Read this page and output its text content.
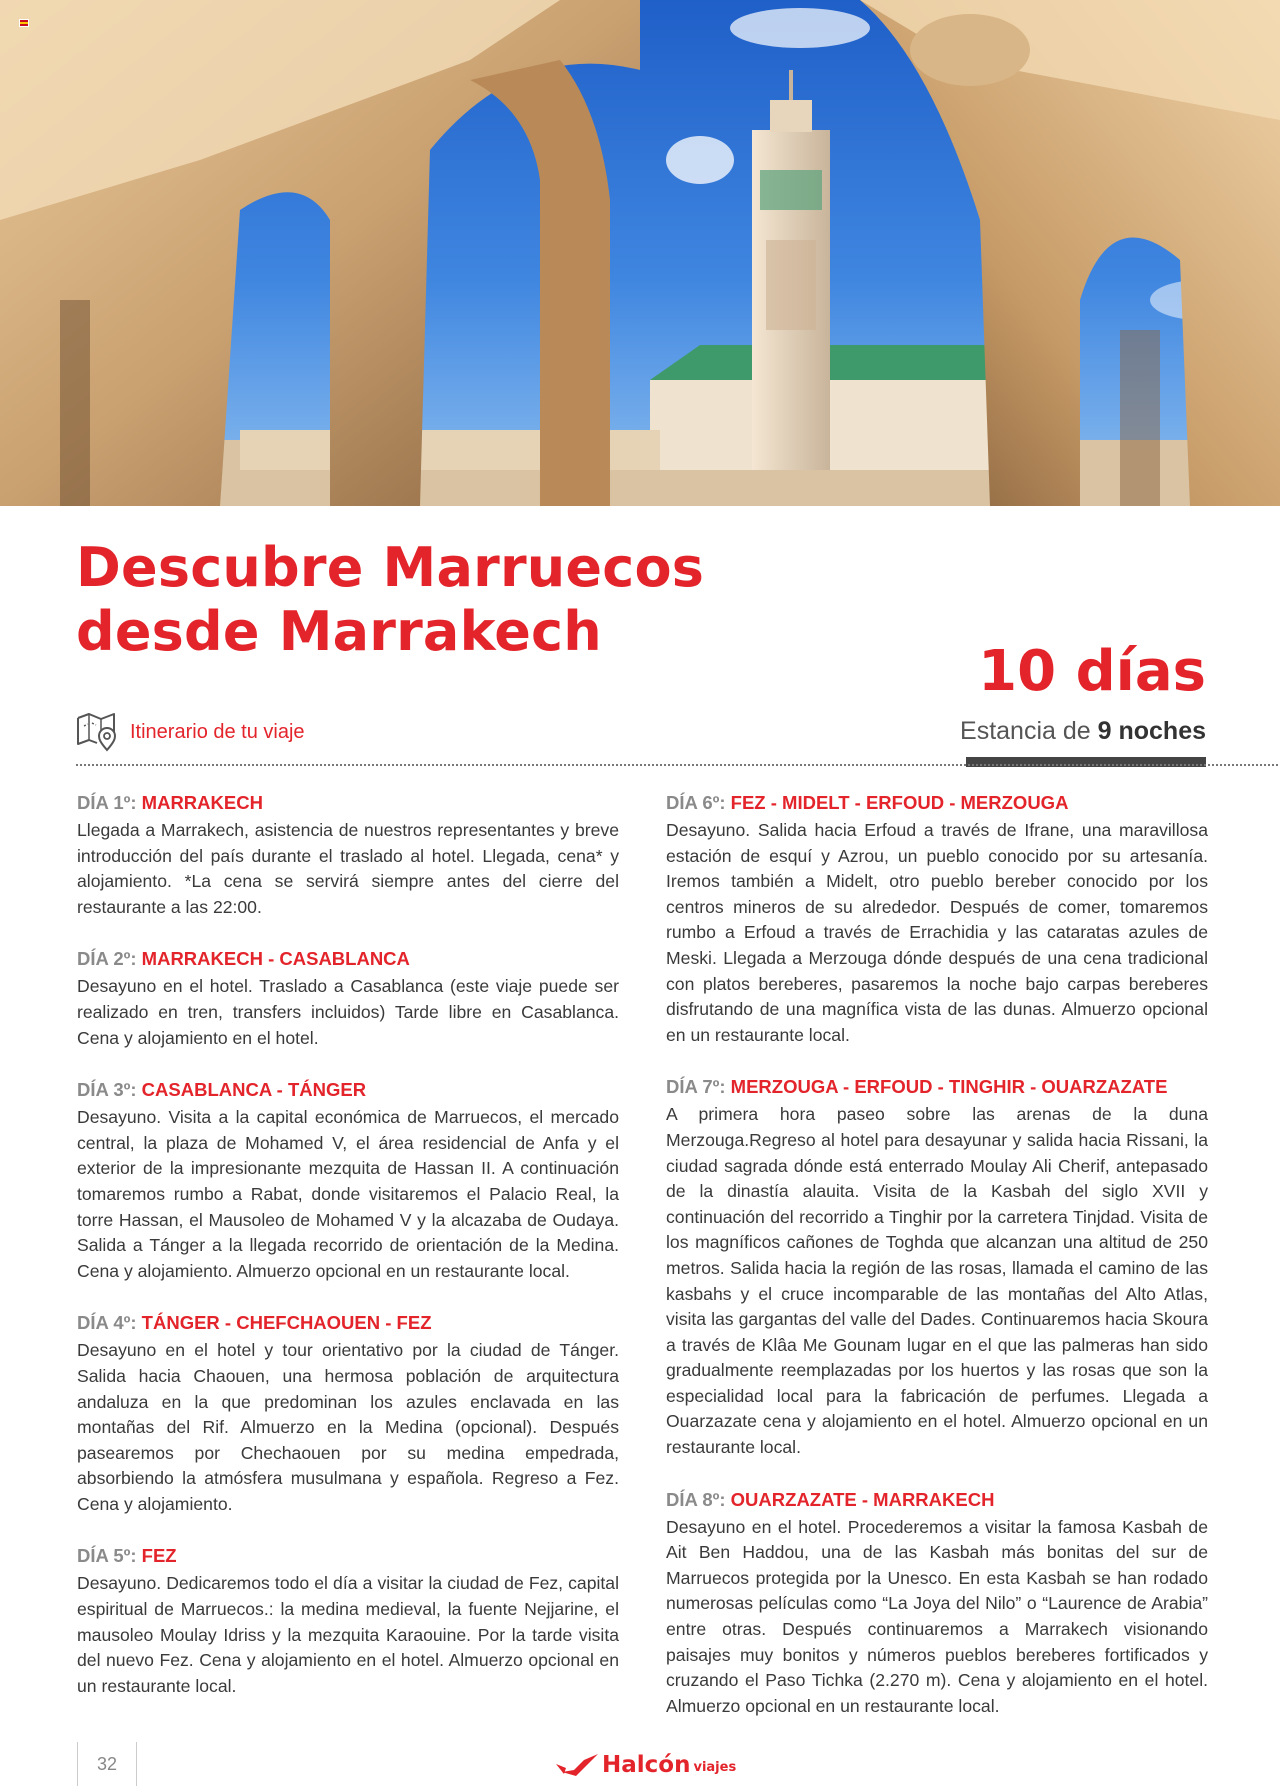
Descubre Marruecos
desde Marrakech
10 días
Estancia de 9 noches
Itinerario de tu viaje
DÍA 1º: MARRAKECH

Llegada a Marrakech, asistencia de nuestros representantes y breve introducción del país durante el traslado al hotel. Llegada, cena* y alojamiento. *La cena se servirá siempre antes del cierre del restaurante a las 22:00.

DÍA 2º: MARRAKECH - CASABLANCA

Desayuno en el hotel. Traslado a Casablanca (este viaje puede ser realizado en tren, transfers incluidos) Tarde libre en Casablanca. Cena y alojamiento en el hotel.

DÍA 3º: CASABLANCA - TÁNGER

Desayuno. Visita a la capital económica de Marruecos, el mercado central, la plaza de Mohamed V, el área residencial de Anfa y el exterior de la impresionante mezquita de Hassan II. A continuación tomaremos rumbo a Rabat, donde visitaremos el Palacio Real, la torre Hassan, el Mausoleo de Mohamed V y la alcazaba de Oudaya. Salida a Tánger a la llegada recorrido de orientación de la Medina. Cena y alojamiento. Almuerzo opcional en un restaurante local.

DÍA 4º: TÁNGER - CHEFCHAOUEN - FEZ

Desayuno en el hotel y tour orientativo por la ciudad de Tánger. Salida hacia Chaouen, una hermosa población de arquitectura andaluza en la que predominan los azules enclavada en las montañas del Rif. Almuerzo en la Medina (opcional). Después pasearemos por Chechaouen por su medina empedrada, absorbiendo la atmósfera musulmana y española. Regreso a Fez. Cena y alojamiento.

DÍA 5º: FEZ

Desayuno. Dedicaremos todo el día a visitar la ciudad de Fez, capital espiritual de Marruecos.: la medina medieval, la fuente Nejjarine, el mausoleo Moulay Idriss y la mezquita Karaouine. Por la tarde visita del nuevo Fez. Cena y alojamiento en el hotel. Almuerzo opcional en un restaurante local.

DÍA 6º: FEZ - MIDELT - ERFOUD - MERZOUGA

Desayuno. Salida hacia Erfoud a través de Ifrane, una maravillosa estación de esquí y Azrou, un pueblo conocido por su artesanía. Iremos también a Midelt, otro pueblo bereber conocido por los centros mineros de su alrededor. Después de comer, tomaremos rumbo a Erfoud a través de Errachidia y las cataratas azules de Meski. Llegada a Merzouga dónde después de una cena tradicional con platos bereberes, pasaremos la noche bajo carpas bereberes disfrutando de una magnífica vista de las dunas. Almuerzo opcional en un restaurante local.

DÍA 7º: MERZOUGA - ERFOUD - TINGHIR - OUARZAZATE

A primera hora paseo sobre las arenas de la duna Merzouga.Regreso al hotel para desayunar y salida hacia Rissani, la ciudad sagrada dónde está enterrado Moulay Ali Cherif, antepasado de la dinastía alauita. Visita de la Kasbah del siglo XVII y continuación del recorrido a Tinghir por la carretera Tinjdad. Visita de los magníficos cañones de Toghda que alcanzan una altitud de 250 metros. Salida hacia la región de las rosas, llamada el camino de las kasbahs y el cruce incomparable de las montañas del Alto Atlas, visita las gargantas del valle del Dades. Continuaremos hacia Skoura a través de Klâa Me Gounam lugar en el que las palmeras han sido gradualmente reemplazadas por los huertos y las rosas que son la especialidad local para la fabricación de perfumes. Llegada a Ouarzazate cena y alojamiento en el hotel. Almuerzo opcional en un restaurante local.

DÍA 8º: OUARZAZATE - MARRAKECH

Desayuno en el hotel. Procederemos a visitar la famosa Kasbah de Ait Ben Haddou, una de las Kasbah más bonitas del sur de Marruecos protegida por la Unesco. En esta Kasbah se han rodado numerosas películas como “La Joya del Nilo” o “Laurence de Arabia” entre otras. Después continuaremos a Marrakech visionando paisajes muy bonitos y números pueblos bereberes fortificados y cruzando el Paso Tichka (2.270 m). Cena y alojamiento en el hotel. Almuerzo opcional en un restaurante local.

32	Halcón viajes
